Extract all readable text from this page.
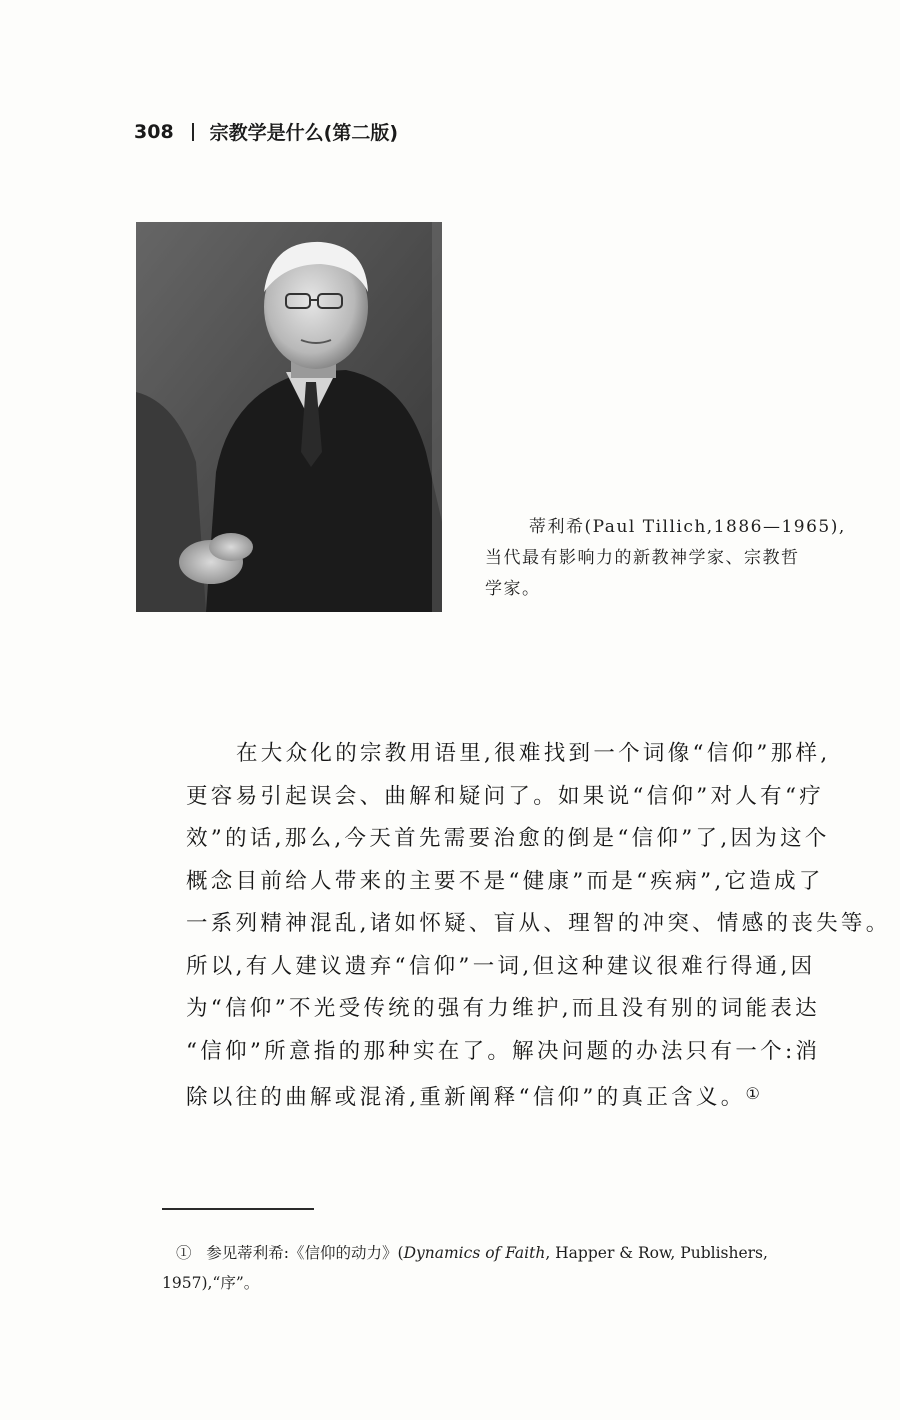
308 宗教学是什么(第二版)
蒂利希(Paul Tillich,1886—1965),
当代最有影响力的新教神学家、宗教哲
学家。
在大众化的宗教用语里,很难找到一个词像“信仰”那样,
更容易引起误会、曲解和疑问了。如果说“信仰”对人有“疗
效”的话,那么,今天首先需要治愈的倒是“信仰”了,因为这个
概念目前给人带来的主要不是“健康”而是“疾病”,它造成了
一系列精神混乱,诸如怀疑、盲从、理智的冲突、情感的丧失等。
所以,有人建议遗弃“信仰”一词,但这种建议很难行得通,因
为“信仰”不光受传统的强有力维护,而且没有别的词能表达
“信仰”所意指的那种实在了。解决问题的办法只有一个:消
除以往的曲解或混淆,重新阐释“信仰”的真正含义。①
① 参见蒂利希:《信仰的动力》(Dynamics of Faith, Happer & Row, Publishers,
1957),“序”。
